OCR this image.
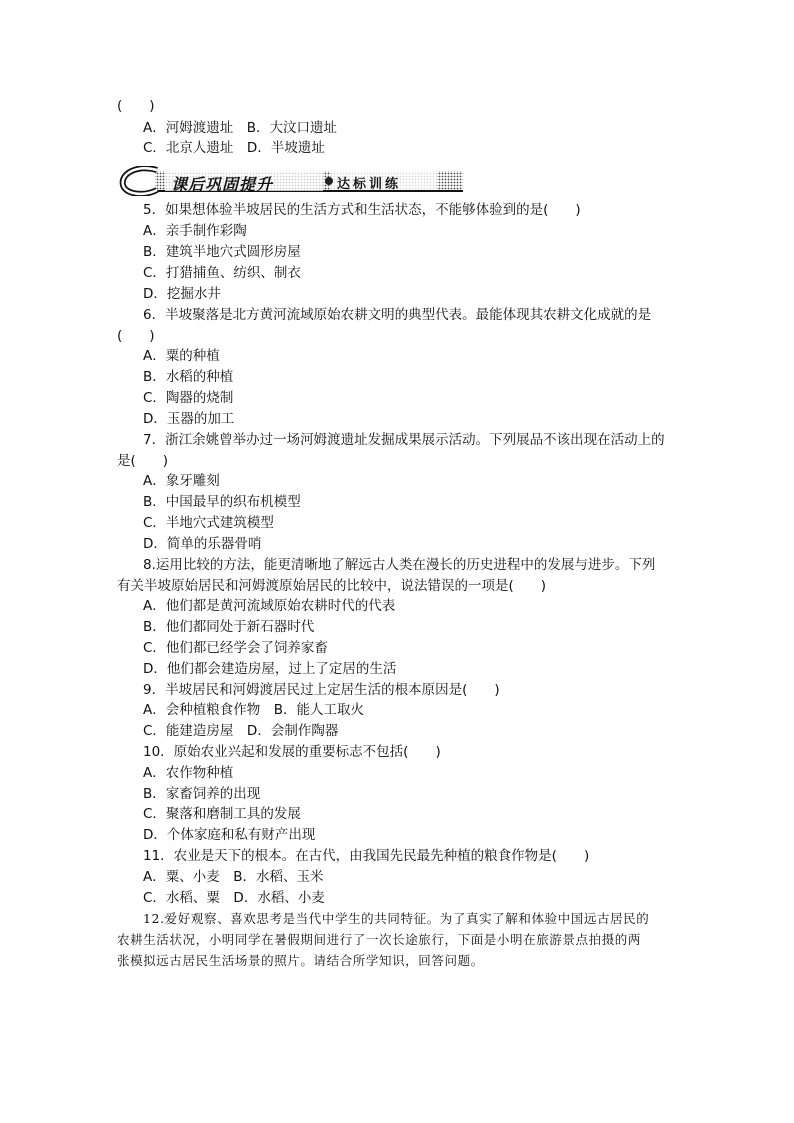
(　　)
A．河姆渡遗址　B．大汶口遗址
C．北京人遗址　D．半坡遗址
课后巩固提升	达标训练
5．如果想体验半坡居民的生活方式和生活状态，不能够体验到的是(　　)
A．亲手制作彩陶
B．建筑半地穴式圆形房屋
C．打猎捕鱼、纺织、制衣
D．挖掘水井
6．半坡聚落是北方黄河流域原始农耕文明的典型代表。最能体现其农耕文化成就的是
(　　)
A．粟的种植
B．水稻的种植
C．陶器的烧制
D．玉器的加工
7．浙江余姚曾举办过一场河姆渡遗址发掘成果展示活动。下列展品不该出现在活动上的
是(　　)
A．象牙雕刻
B．中国最早的织布机模型
C．半地穴式建筑模型
D．简单的乐器骨哨
8.运用比较的方法，能更清晰地了解远古人类在漫长的历史进程中的发展与进步。下列
有关半坡原始居民和河姆渡原始居民的比较中，说法错误的一项是(　　)
A．他们都是黄河流域原始农耕时代的代表
B．他们都同处于新石器时代
C．他们都已经学会了饲养家畜
D．他们都会建造房屋，过上了定居的生活
9．半坡居民和河姆渡居民过上定居生活的根本原因是(　　)
A．会种植粮食作物　B．能人工取火
C．能建造房屋　D．会制作陶器
10．原始农业兴起和发展的重要标志不包括(　　)
A．农作物种植
B．家畜饲养的出现
C．聚落和磨制工具的发展
D．个体家庭和私有财产出现
11．农业是天下的根本。在古代，由我国先民最先种植的粮食作物是(　　)
A．粟、小麦　B．水稻、玉米
C．水稻、粟　D．水稻、小麦
12.爱好观察、喜欢思考是当代中学生的共同特征。为了真实了解和体验中国远古居民的
农耕生活状况，小明同学在暑假期间进行了一次长途旅行，下面是小明在旅游景点拍摄的两
张模拟远古居民生活场景的照片。请结合所学知识，回答问题。
